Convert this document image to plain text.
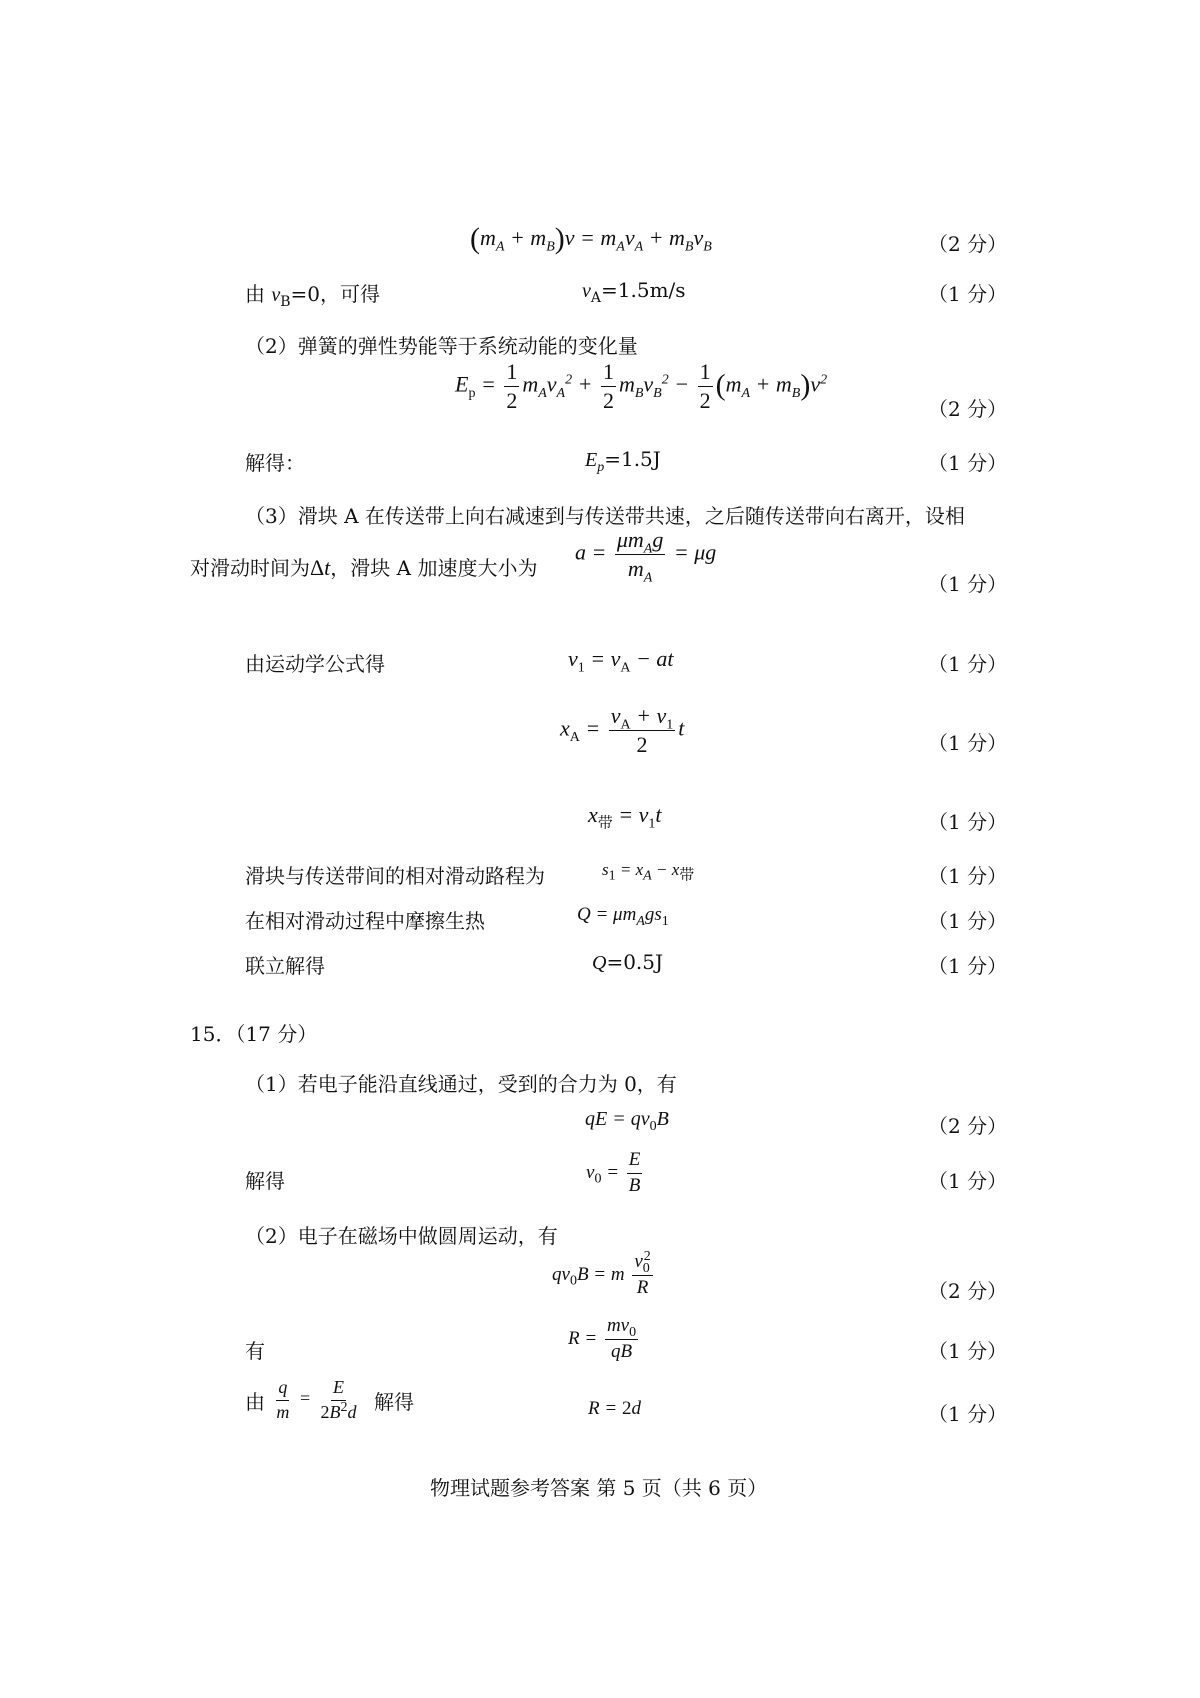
$(m_A + m_B)v = m_Av_A + m_Bv_B$	（2 分）
由 $v_B=0$，可得	$v_A=1.5m/s$	（1 分）
（2）弹簧的弹性势能等于系统动能的变化量
$E_p = \frac{1}{2} m_Av_A^2 + \frac{1}{2} m_Bv_B^2 - \frac{1}{2} (m_A + m_B)v^2$
（2 分）
解得：	$E_p=1.5J$	（1 分）
（3）滑块 A 在传送带上向右减速到与传送带共速，之后随传送带向右离开，设相
对滑动时间为Δt，滑块 A 加速度大小为
$a = \frac{\mu m_Ag}{m_A} = \mu g$
（1 分）
由运动学公式得	$v_1 = v_A$ − at	（1 分）
$x_A = \frac{v_A + v_1}{2}$ t
（1 分）
$x_带 = v_1t$	（1 分）
滑块与传送带间的相对滑动路程为	$s_1 = x_A - x_带$	（1 分）
在相对滑动过程中摩擦生热	$Q = \mu m_Ags_1$	（1 分）
联立解得	Q=0.5J	（1 分）
15．（17 分）
（1）若电子能沿直线通过，受到的合力为 0，有
qE = $qv_0B$	（2 分）
解得	$v_0 = \frac{E}{B}$	（1 分）
（2）电子在磁场中做圆周运动，有
$qv_0B = m \frac{v_0^2}{R}$	（2 分）
有
$R = \frac{mv_0}{qB}$	（1 分）
由 $\frac{q}{m} = \frac{E}{2B^2d}$ 解得	R = 2d	（1 分）
物理试题参考答案 第 5 页（共 6 页）
